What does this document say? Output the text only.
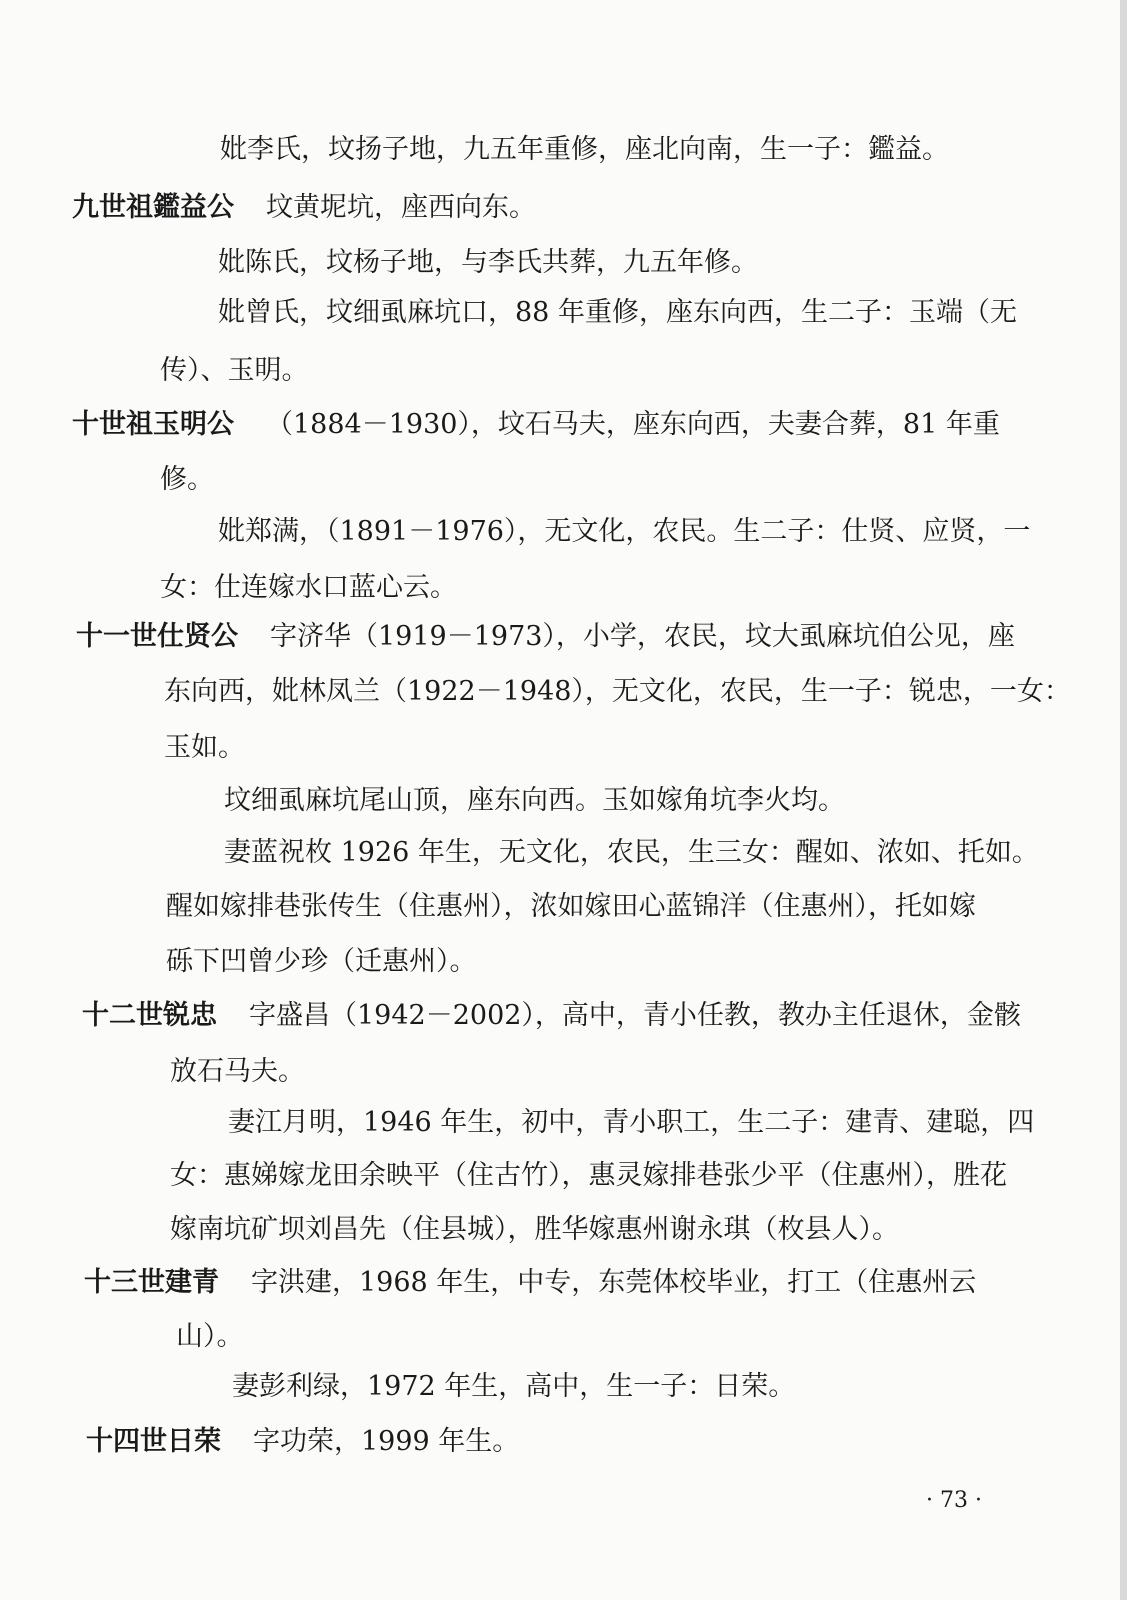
妣李氏，坟扬子地，九五年重修，座北向南，生一子：鑑益。
九世祖鑑益公 坟黄坭坑，座西向东。
妣陈氏，坟杨子地，与李氏共葬，九五年修。
妣曾氏，坟细虱麻坑口，88 年重修，座东向西，生二子：玉端（无
传）、玉明。
十世祖玉明公 （1884－1930），坟石马夫，座东向西，夫妻合葬，81 年重
修。
妣郑满，（1891－1976），无文化，农民。生二子：仕贤、应贤，一
女：仕连嫁水口蓝心云。
十一世仕贤公 字济华（1919－1973），小学，农民，坟大虱麻坑伯公见，座
东向西，妣林凤兰（1922－1948），无文化，农民，生一子：锐忠，一女：
玉如。
坟细虱麻坑尾山顶，座东向西。玉如嫁角坑李火均。
妻蓝祝枚 1926 年生，无文化，农民，生三女：醒如、浓如、托如。
醒如嫁排巷张传生（住惠州），浓如嫁田心蓝锦洋（住惠州），托如嫁
砾下凹曾少珍（迁惠州）。
十二世锐忠 字盛昌（1942－2002），高中，青小任教，教办主任退休，金骸
放石马夫。
妻江月明，1946 年生，初中，青小职工，生二子：建青、建聪，四
女：惠娣嫁龙田余映平（住古竹），惠灵嫁排巷张少平（住惠州），胜花
嫁南坑矿坝刘昌先（住县城），胜华嫁惠州谢永琪（枚县人）。
十三世建青 字洪建，1968 年生，中专，东莞体校毕业，打工（住惠州云
山）。
妻彭利绿，1972 年生，高中，生一子：日荣。
十四世日荣 字功荣，1999 年生。
· 73 ·
